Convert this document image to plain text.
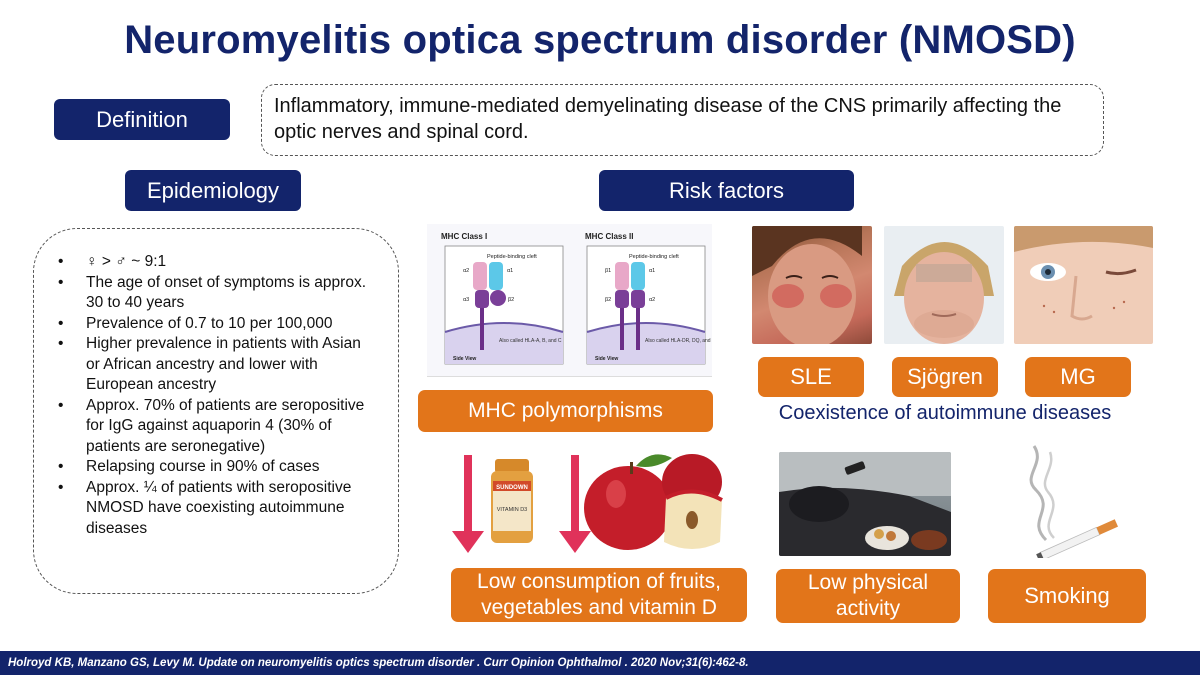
Neuromyelitis optica spectrum disorder (NMOSD)
Definition
Inflammatory, immune-mediated demyelinating disease of the CNS primarily affecting the optic nerves and spinal cord.
Epidemiology
• ♀ > ♂ ~ 9:1
• The age of onset of symptoms is approx. 30 to 40 years
• Prevalence of 0.7 to 10 per 100,000
• Higher prevalence in patients with Asian or African ancestry and lower with European ancestry
• Approx. 70% of patients are seropositive for IgG against aquaporin 4 (30% of patients are seronegative)
• Relapsing course in 90% of cases
• Approx. ¼ of patients with seropositive NMOSD have coexisting autoimmune diseases
Risk factors
MHC Class I
Peptide-binding cleft
α2	α1
α3	β2
Also called HLA-A, B, and C
Side View
MHC Class II
Peptide-binding cleft
β1	α1
β2	α2
Also called HLA-DR, DQ, and DP
Side View
MHC polymorphisms
SLE	Sjögren	MG
Coexistence of autoimmune diseases
SUNDOWN
VITAMIN D3
Low consumption of fruits, vegetables and vitamin D
Low physical activity
Smoking
Holroyd KB, Manzano GS, Levy M. Update on neuromyelitis optics spectrum disorder . Curr Opinion Ophthalmol . 2020 Nov;31(6):462-8.
